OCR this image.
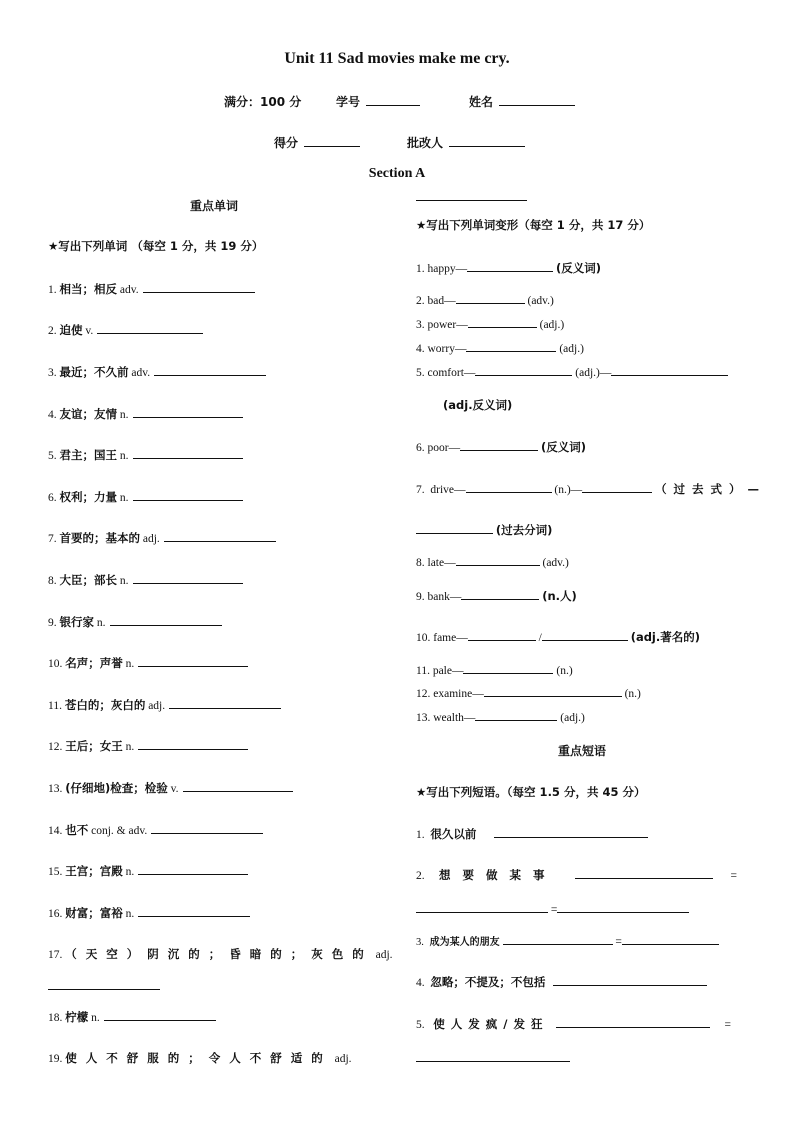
Unit 11 Sad movies make me cry.
满分：100 分	学号	姓名
得分	批改人
Section A
重点单词
★写出下列单词 （每空 1 分，共 19 分）
1. 相当；相反 adv.
2. 迫使 v.
3. 最近；不久前 adv.
4. 友谊；友情 n.
5. 君主；国王 n.
6. 权利；力量 n.
7. 首要的；基本的 adj.
8. 大臣；部长 n.
9. 银行家 n.
10. 名声；声誉 n.
11. 苍白的；灰白的 adj.
12. 王后；女王 n.
13. (仔细地)检查；检验 v.
14. 也不 conj. & adv.
15. 王宫；宫殿 n.
16. 财富；富裕 n.
17. （天空）阴沉的；昏暗的；灰色的 adj.
18. 柠檬 n.
19. 使人不舒服的；令人不舒适的 adj.
★写出下列单词变形（每空 1 分，共 17 分）
1. happy—	(反义词)
2. bad—	(adv.)
3. power—	(adj.)
4. worry—	(adj.)
5. comfort—	(adj.)—
(adj.反义词)
6. poor—	(反义词)
7. drive—	(n.)—	（过去式）—
(过去分词)
8. late—	(adv.)
9. bank—	(n.人)
10. fame—	/	(adj.著名的)
11. pale—	(n.)
12. examine—	(n.)
13. wealth—	(adj.)
重点短语
★写出下列短语。（每空 1.5 分，共 45 分）
1. 很久以前
2. 想要做某事	=
=
3. 成为某人的朋友	=
4. 忽略；不提及；不包括
5. 使人发疯/发狂	=
